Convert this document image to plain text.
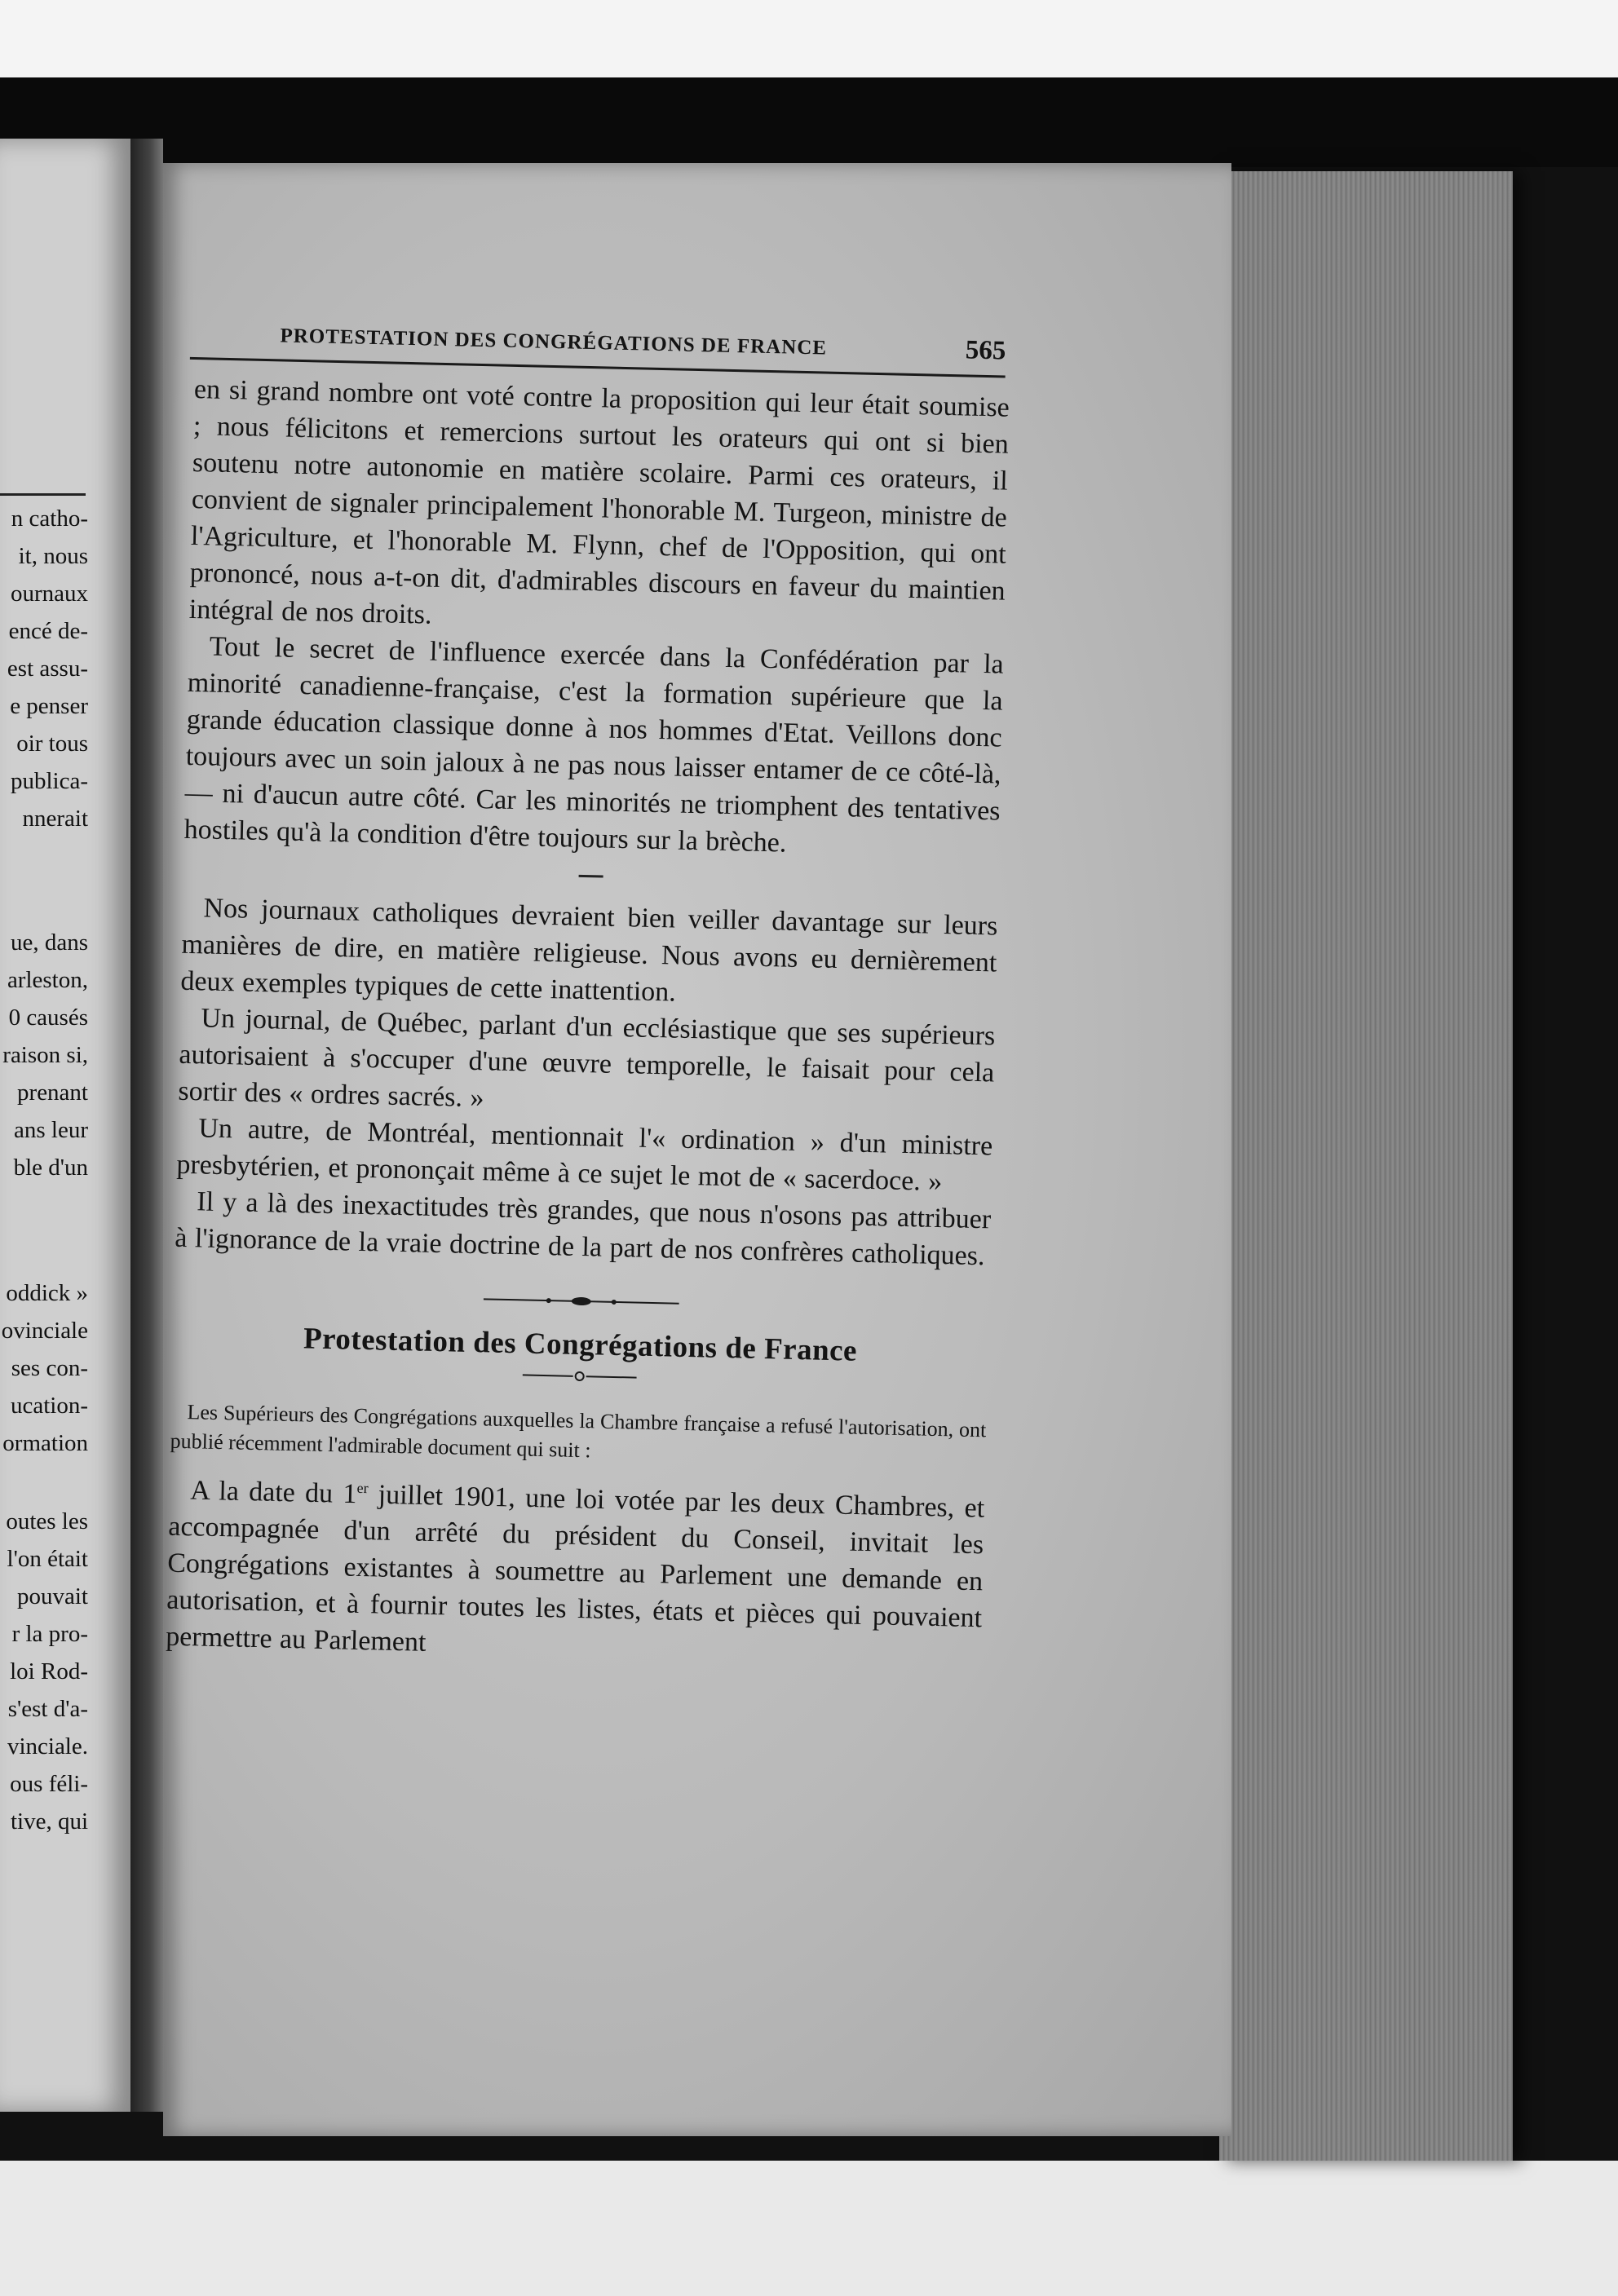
n catho-
it, nous
ournaux
encé de-
est assu-
e penser
oir tous
publica-
nnerait
ue, dans
arleston,
0 causés
raison si,
prenant
ans leur
ble d'un
oddick »
ovinciale
ses con-
ucation-
ormation
outes les
l'on était
pouvait
r la pro-
loi Rod-
s'est d'a-
vinciale.
ous féli-
tive, qui
PROTESTATION DES CONGRÉGATIONS DE FRANCE	565

en si grand nombre ont voté contre la proposition qui leur était soumise ; nous félicitons et remercions surtout les orateurs qui ont si bien soutenu notre autonomie en matière scolaire. Parmi ces orateurs, il convient de signaler principalement l'honorable M. Turgeon, ministre de l'Agriculture, et l'honorable M. Flynn, chef de l'Opposition, qui ont prononcé, nous a-t-on dit, d'admirables discours en faveur du maintien intégral de nos droits.

Tout le secret de l'influence exercée dans la Confédération par la minorité canadienne-française, c'est la formation supérieure que la grande éducation classique donne à nos hommes d'Etat. Veillons donc toujours avec un soin jaloux à ne pas nous laisser entamer de ce côté-là, — ni d'aucun autre côté. Car les minorités ne triomphent des tentatives hostiles qu'à la condition d'être toujours sur la brèche.

Nos journaux catholiques devraient bien veiller davantage sur leurs manières de dire, en matière religieuse. Nous avons eu dernièrement deux exemples typiques de cette inattention.

Un journal, de Québec, parlant d'un ecclésiastique que ses supérieurs autorisaient à s'occuper d'une œuvre temporelle, le faisait pour cela sortir des « ordres sacrés. »

Un autre, de Montréal, mentionnait l'« ordination » d'un ministre presbytérien, et prononçait même à ce sujet le mot de « sacerdoce. »

Il y a là des inexactitudes très grandes, que nous n'osons pas attribuer à l'ignorance de la vraie doctrine de la part de nos confrères catholiques.

Protestation des Congrégations de France

Les Supérieurs des Congrégations auxquelles la Chambre française a refusé l'autorisation, ont publié récemment l'admirable document qui suit :

A la date du 1er juillet 1901, une loi votée par les deux Chambres, et accompagnée d'un arrêté du président du Conseil, invitait les Congrégations existantes à soumettre au Parlement une demande en autorisation, et à fournir toutes les listes, états et pièces qui pouvaient permettre au Parlement
